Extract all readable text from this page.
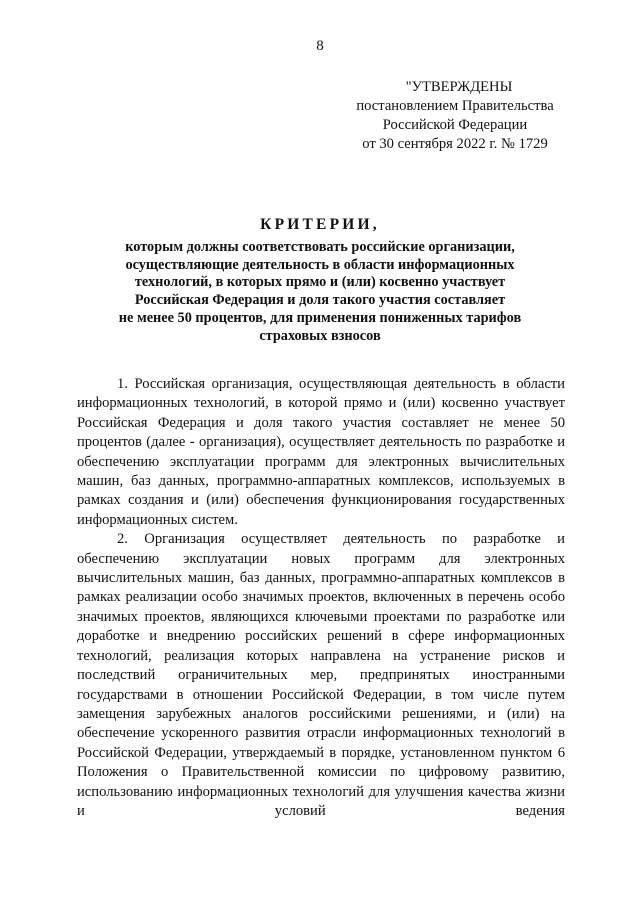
8
"УТВЕРЖДЕНЫ
постановлением Правительства
Российской Федерации
от 30 сентября 2022 г. № 1729
КРИТЕРИИ,
которым должны соответствовать российские организации,
осуществляющие деятельность в области информационных
технологий, в которых прямо и (или) косвенно участвует
Российская Федерация и доля такого участия составляет
не менее 50 процентов, для применения пониженных тарифов
страховых взносов

1. Российская организация, осуществляющая деятельность в области информационных технологий, в которой прямо и (или) косвенно участвует Российская Федерация и доля такого участия составляет не менее 50 процентов (далее - организация), осуществляет деятельность по разработке и обеспечению эксплуатации программ для электронных вычислительных машин, баз данных, программно-аппаратных комплексов, используемых в рамках создания и (или) обеспечения функционирования государственных информационных систем.

2. Организация осуществляет деятельность по разработке и обеспечению эксплуатации новых программ для электронных вычислительных машин, баз данных, программно-аппаратных комплексов в рамках реализации особо значимых проектов, включенных в перечень особо значимых проектов, являющихся ключевыми проектами по разработке или доработке и внедрению российских решений в сфере информационных технологий, реализация которых направлена на устранение рисков и последствий ограничительных мер, предпринятых иностранными государствами в отношении Российской Федерации, в том числе путем замещения зарубежных аналогов российскими решениями, и (или) на обеспечение ускоренного развития отрасли информационных технологий в Российской Федерации, утверждаемый в порядке, установленном пунктом 6 Положения о Правительственной комиссии по цифровому развитию, использованию информационных технологий для улучшения качества жизни и условий ведения
